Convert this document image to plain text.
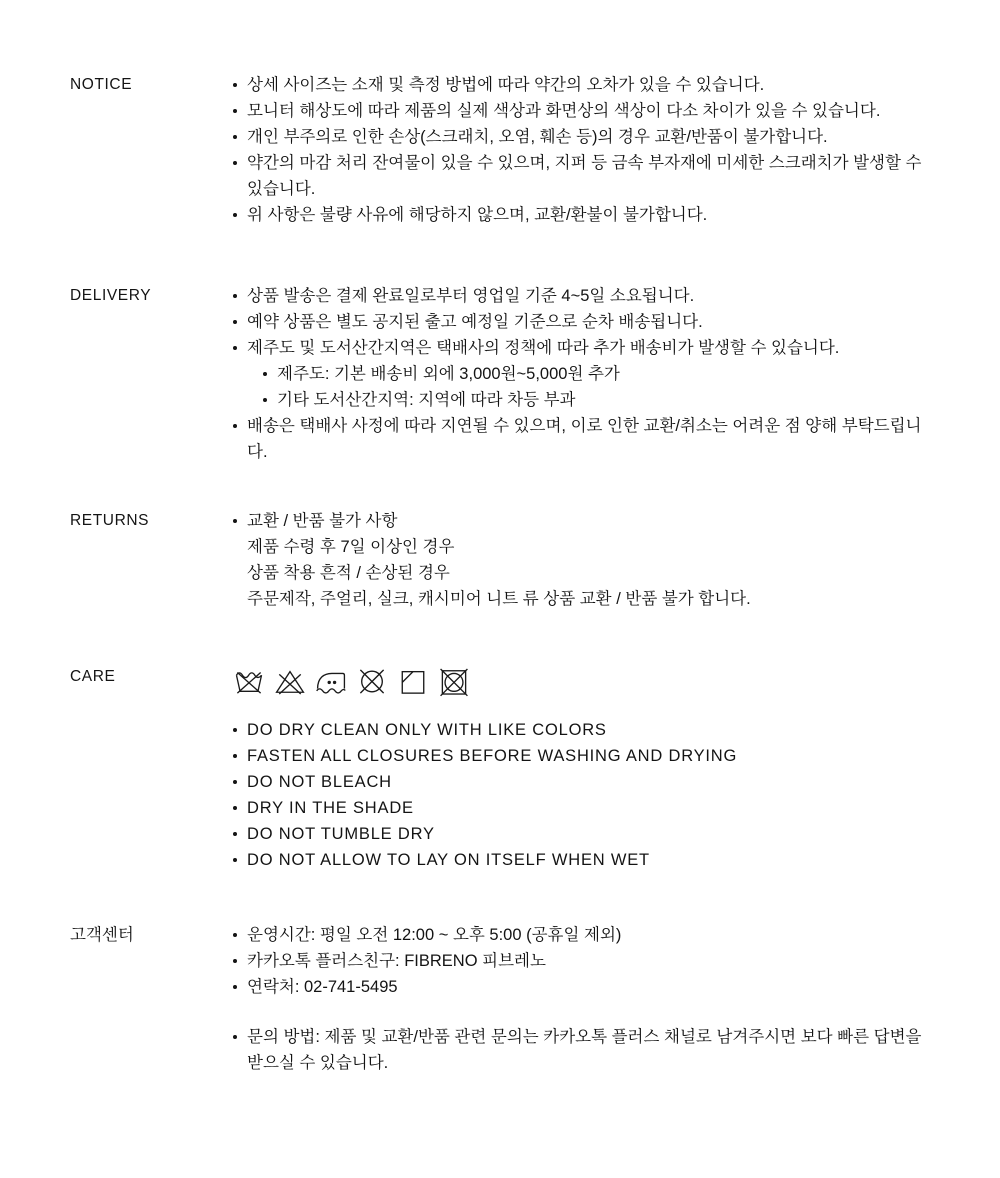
NOTICE	상세 사이즈는 소재 및 측정 방법에 따라 약간의 오차가 있을 수 있습니다.
모니터 해상도에 따라 제품의 실제 색상과 화면상의 색상이 다소 차이가 있을 수 있습니다.
개인 부주의로 인한 손상(스크래치, 오염, 훼손 등)의 경우 교환/반품이 불가합니다.
약간의 마감 처리 잔여물이 있을 수 있으며, 지퍼 등 금속 부자재에 미세한 스크래치가 발생할 수 있습니다.
위 사항은 불량 사유에 해당하지 않으며, 교환/환불이 불가합니다.
DELIVERY	상품 발송은 결제 완료일로부터 영업일 기준 4~5일 소요됩니다.
예약 상품은 별도 공지된 출고 예정일 기준으로 순차 배송됩니다.
제주도 및 도서산간지역은 택배사의 정책에 따라 추가 배송비가 발생할 수 있습니다.
제주도: 기본 배송비 외에 3,000원~5,000원 추가
기타 도서산간지역: 지역에 따라 차등 부과
배송은 택배사 사정에 따라 지연될 수 있으며, 이로 인한 교환/취소는 어려운 점 양해 부탁드립니다.
RETURNS	교환 / 반품 불가 사항
제품 수령 후 7일 이상인 경우
상품 착용 흔적 / 손상된 경우
주문제작, 주얼리, 실크, 캐시미어 니트 류 상품 교환 / 반품 불가 합니다.
CARE
DO DRY CLEAN ONLY WITH LIKE COLORS
FASTEN ALL CLOSURES BEFORE WASHING AND DRYING
DO NOT BLEACH
DRY IN THE SHADE
DO NOT TUMBLE DRY
DO NOT ALLOW TO LAY ON ITSELF WHEN WET
고객센터	운영시간: 평일 오전 12:00 ~ 오후 5:00 (공휴일 제외)
카카오톡 플러스친구: FIBRENO 피브레노
연락처: 02-741-5495
문의 방법: 제품 및 교환/반품 관련 문의는 카카오톡 플러스 채널로 남겨주시면 보다 빠른 답변을 받으실 수 있습니다.
